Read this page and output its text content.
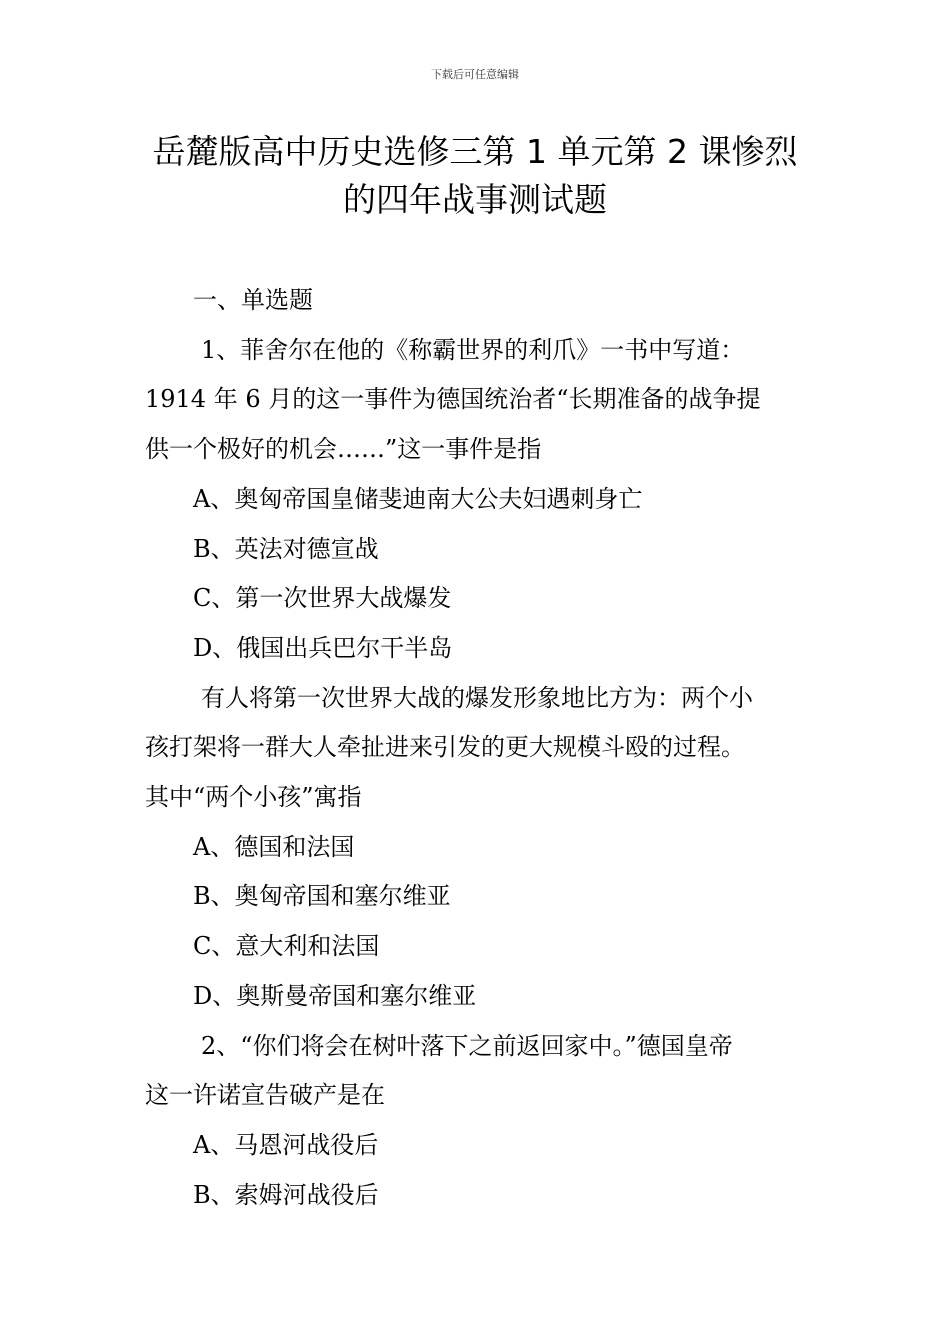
下载后可任意编辑
岳麓版高中历史选修三第 1 单元第 2 课惨烈
的四年战事测试题

一、单选题

1、菲舍尔在他的《称霸世界的利爪》一书中写道：

1914 年 6 月的这一事件为德国统治者“长期准备的战争提

供一个极好的机会……”这一事件是指

A、奥匈帝国皇储斐迪南大公夫妇遇刺身亡

B、英法对德宣战

C、第一次世界大战爆发

D、俄国出兵巴尔干半岛

有人将第一次世界大战的爆发形象地比方为：两个小

孩打架将一群大人牵扯进来引发的更大规模斗殴的过程。

其中“两个小孩”寓指

A、德国和法国

B、奥匈帝国和塞尔维亚

C、意大利和法国

D、奥斯曼帝国和塞尔维亚

2、“你们将会在树叶落下之前返回家中。”德国皇帝

这一许诺宣告破产是在

A、马恩河战役后

B、索姆河战役后
